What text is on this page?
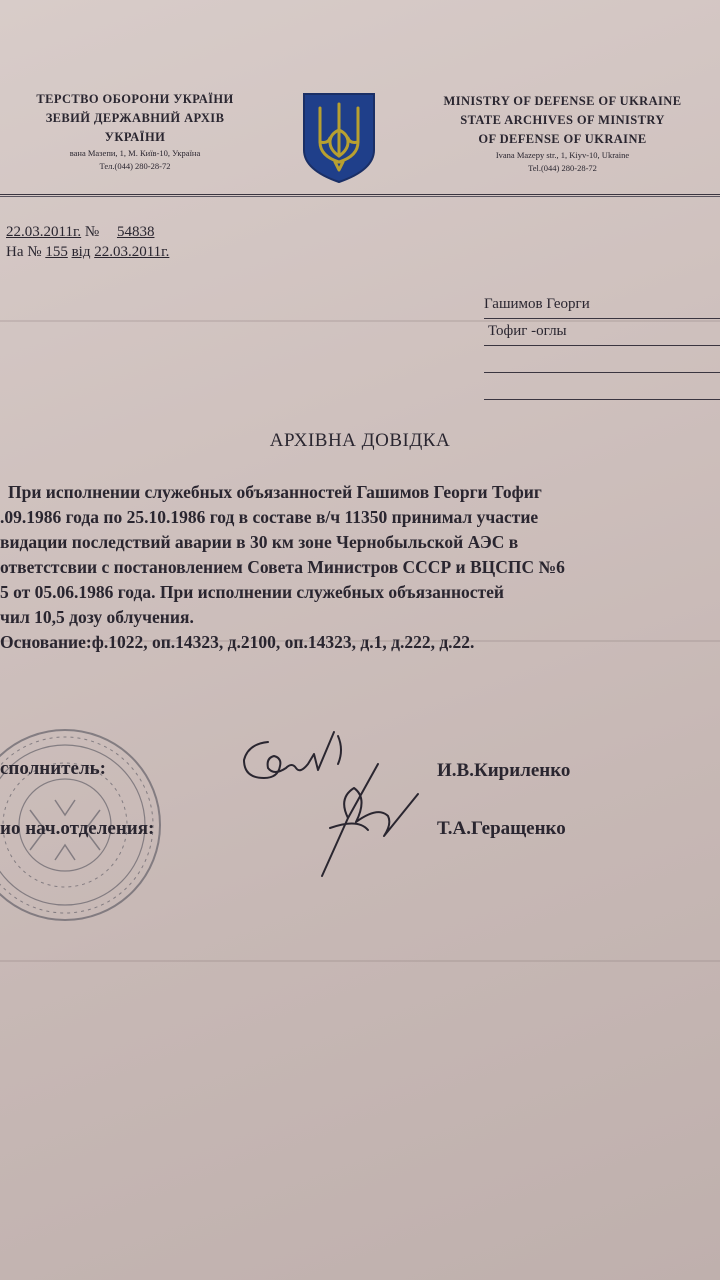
ТЕРСТВО ОБОРОНИ УКРАЇНИ
ЗЕВИЙ ДЕРЖАВНИЙ АРХІВ
УКРАЇНИ
вана Мазепи, 1, М. Київ-10, Україна
Тел.(044) 280-28-72
MINISTRY OF DEFENSE OF UKRAINE
STATE ARCHIVES OF MINISTRY
OF DEFENSE OF UKRAINE
Ivana Mazepy str., 1, Kiyv-10, Ukraine
Tel.(044) 280-28-72
22.03.2011г. № 54838
На № 155 від 22.03.2011г.
Гашимов Георги
Тофиг -оглы
АРХІВНА ДОВІДКА
При исполнении служебных объязанностей Гашимов Георги Тофиг
.09.1986 года по 25.10.1986 год в составе в/ч 11350 принимал участие
видации последствий аварии в 30 км зоне Чернобыльской АЭС в
ответстсвии с постановлением Совета Министров СССР и ВЦСПС №6
5 от 05.06.1986 года. При исполнении служебных объязанностей
чил 10,5 дозу облучения.
Основание:ф.1022, оп.14323, д.2100, оп.14323, д.1, д.222, д.22.
сполнитель:
ио нач.отделения:
И.В.Кириленко
Т.А.Геращенко
